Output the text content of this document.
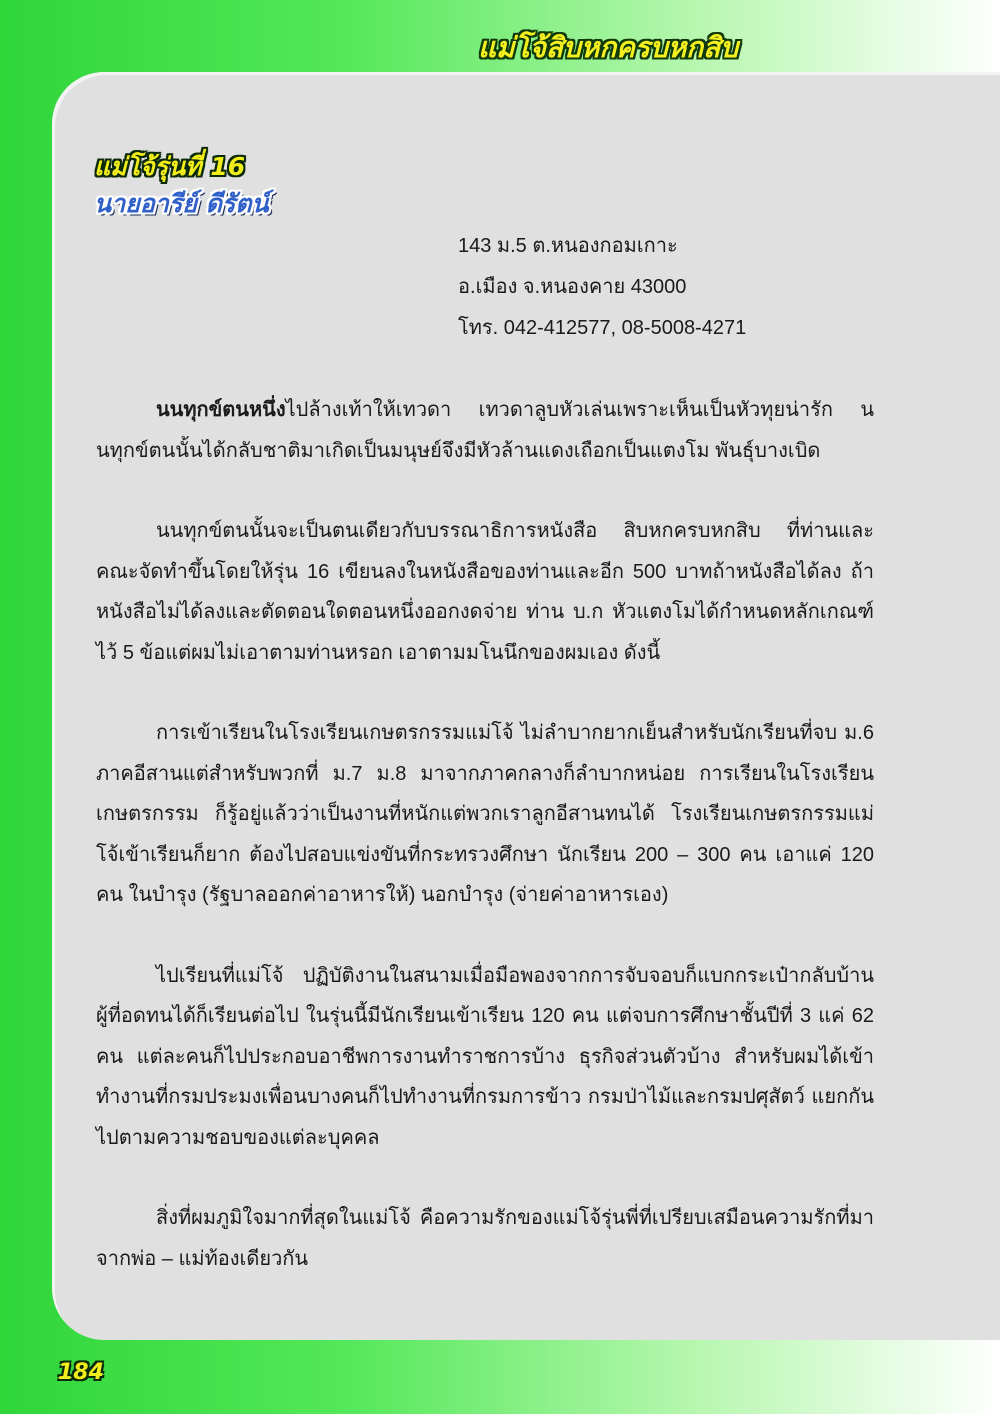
แม่โจ้สิบหกครบหกสิบ
แม่โจ้รุ่นที่ 16
นายอารีย์ ดีรัตน์
143 ม.5 ต.หนองกอมเกาะ
อ.เมือง จ.หนองคาย 43000
โทร. 042-412577, 08-5008-4271

นนทุกข์ตนหนึ่งไปล้างเท้าให้เทวดา เทวดาลูบหัวเล่นเพราะเห็นเป็นหัวทุยน่ารัก นนทุกข์ตนนั้นได้กลับชาติมาเกิดเป็นมนุษย์จึงมีหัวล้านแดงเถือกเป็นแตงโม พันธุ์บางเบิด

นนทุกข์ตนนั้นจะเป็นตนเดียวกับบรรณาธิการหนังสือ สิบหกครบหกสิบ ที่ท่านและคณะจัดทำขึ้นโดยให้รุ่น 16 เขียนลงในหนังสือของท่านและอีก 500 บาทถ้าหนังสือได้ลง ถ้าหนังสือไม่ได้ลงและตัดตอนใดตอนหนึ่งออกงดจ่าย ท่าน บ.ก หัวแตงโมได้กำหนดหลักเกณฑ์ไว้ 5 ข้อแต่ผมไม่เอาตามท่านหรอก เอาตามมโนนึกของผมเอง ดังนี้

การเข้าเรียนในโรงเรียนเกษตรกรรมแม่โจ้ ไม่ลำบากยากเย็นสำหรับนักเรียนที่จบ ม.6 ภาคอีสานแต่สำหรับพวกที่ ม.7 ม.8 มาจากภาคกลางก็ลำบากหน่อย การเรียนในโรงเรียนเกษตรกรรม ก็รู้อยู่แล้วว่าเป็นงานที่หนักแต่พวกเราลูกอีสานทนได้ โรงเรียนเกษตรกรรมแม่โจ้เข้าเรียนก็ยาก ต้องไปสอบแข่งขันที่กระทรวงศึกษา นักเรียน 200 – 300 คน เอาแค่ 120 คน ในบำรุง (รัฐบาลออกค่าอาหารให้) นอกบำรุง (จ่ายค่าอาหารเอง)

ไปเรียนที่แม่โจ้ ปฏิบัติงานในสนามเมื่อมือพองจากการจับจอบก็แบกกระเป๋ากลับบ้าน ผู้ที่อดทนได้ก็เรียนต่อไป ในรุ่นนี้มีนักเรียนเข้าเรียน 120 คน แต่จบการศึกษาชั้นปีที่ 3 แค่ 62 คน แต่ละคนก็ไปประกอบอาชีพการงานทำราชการบ้าง ธุรกิจส่วนตัวบ้าง สำหรับผมได้เข้าทำงานที่กรมประมงเพื่อนบางคนก็ไปทำงานที่กรมการข้าว กรมป่าไม้และกรมปศุสัตว์ แยกกันไปตามความชอบของแต่ละบุคคล

สิ่งที่ผมภูมิใจมากที่สุดในแม่โจ้ คือความรักของแม่โจ้รุ่นพี่ที่เปรียบเสมือนความรักที่มาจากพ่อ – แม่ท้องเดียวกัน

184
